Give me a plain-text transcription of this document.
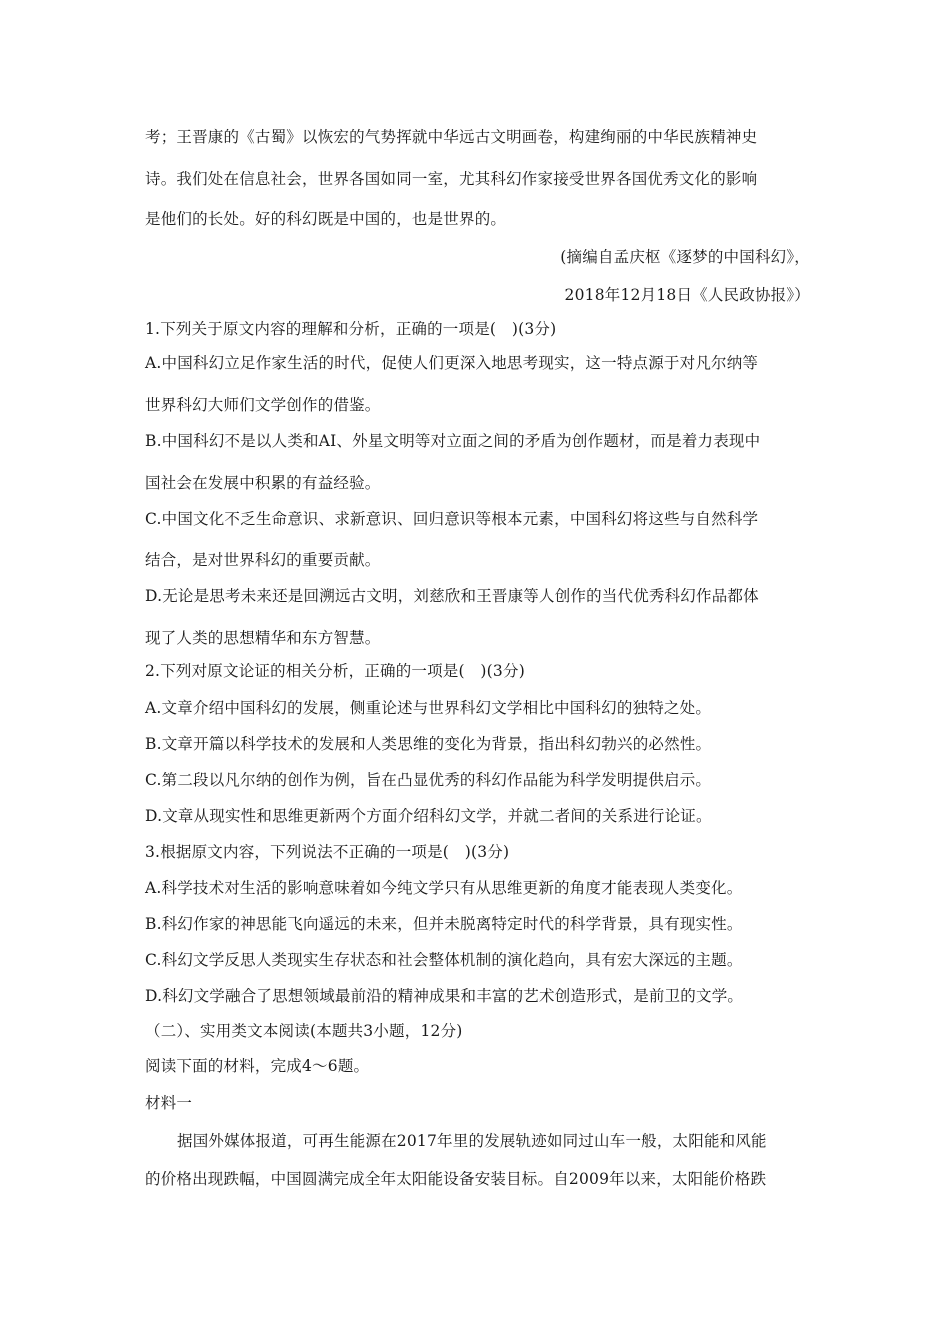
考；王晋康的《古蜀》以恢宏的气势挥就中华远古文明画卷，构建绚丽的中华民族精神史
诗。我们处在信息社会，世界各国如同一室，尤其科幻作家接受世界各国优秀文化的影响
是他们的长处。好的科幻既是中国的，也是世界的。
(摘编自孟庆枢《逐梦的中国科幻》，
2018年12月18日《人民政协报》）
1.下列关于原文内容的理解和分析，正确的一项是(　)(3分)
A.中国科幻立足作家生活的时代，促使人们更深入地思考现实，这一特点源于对凡尔纳等
世界科幻大师们文学创作的借鉴。
B.中国科幻不是以人类和AI、外星文明等对立面之间的矛盾为创作题材，而是着力表现中
国社会在发展中积累的有益经验。
C.中国文化不乏生命意识、求新意识、回归意识等根本元素，中国科幻将这些与自然科学
结合，是对世界科幻的重要贡献。
D.无论是思考未来还是回溯远古文明，刘慈欣和王晋康等人创作的当代优秀科幻作品都体
现了人类的思想精华和东方智慧。
2.下列对原文论证的相关分析，正确的一项是(　)(3分)
A.文章介绍中国科幻的发展，侧重论述与世界科幻文学相比中国科幻的独特之处。
B.文章开篇以科学技术的发展和人类思维的变化为背景，指出科幻勃兴的必然性。
C.第二段以凡尔纳的创作为例，旨在凸显优秀的科幻作品能为科学发明提供启示。
D.文章从现实性和思维更新两个方面介绍科幻文学，并就二者间的关系进行论证。
3.根据原文内容，下列说法不正确的一项是(　)(3分)
A.科学技术对生活的影响意味着如今纯文学只有从思维更新的角度才能表现人类变化。
B.科幻作家的神思能飞向遥远的未来，但并未脱离特定时代的科学背景，具有现实性。
C.科幻文学反思人类现实生存状态和社会整体机制的演化趋向，具有宏大深远的主题。
D.科幻文学融合了思想领域最前沿的精神成果和丰富的艺术创造形式，是前卫的文学。
（二）、实用类文本阅读(本题共3小题，12分)
阅读下面的材料，完成4～6题。
材料一
据国外媒体报道，可再生能源在2017年里的发展轨迹如同过山车一般，太阳能和风能
的价格出现跌幅，中国圆满完成全年太阳能设备安装目标。自2009年以来，太阳能价格跌
